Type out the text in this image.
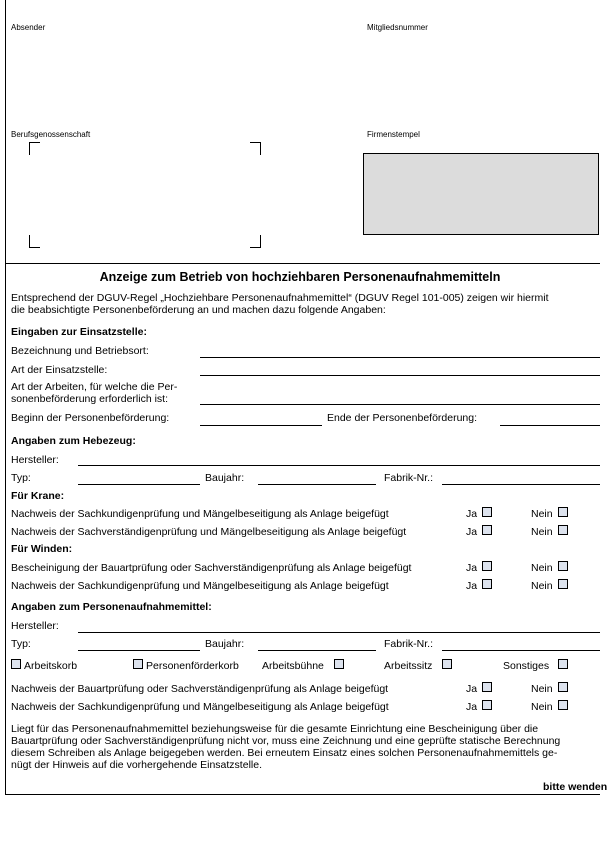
Absender	Mitgliedsnummer
Berufsgenossenschaft	Firmenstempel
Anzeige zum Betrieb von hochziehbaren Personenaufnahmemitteln
Entsprechend der DGUV-Regel „Hochziehbare Personenaufnahmemittel“ (DGUV Regel 101-005) zeigen wir hiermit
die beabsichtigte Personenbeförderung an und machen dazu folgende Angaben:
Eingaben zur Einsatzstelle:
Bezeichnung und Betriebsort:
Art der Einsatzstelle:
Art der Arbeiten, für welche die Per-
sonenbeförderung erforderlich ist:
Beginn der Personenbeförderung:	Ende der Personenbeförderung:
Angaben zum Hebezeug:
Hersteller:
Typ:	Baujahr:	Fabrik-Nr.:
Für Krane:
Nachweis der Sachkundigenprüfung und Mängelbeseitigung als Anlage beigefügt	Ja	Nein
Nachweis der Sachverständigenprüfung und Mängelbeseitigung als Anlage beigefügt	Ja	Nein
Für Winden:
Bescheinigung der Bauartprüfung oder Sachverständigenprüfung als Anlage beigefügt	Ja	Nein
Nachweis der Sachkundigenprüfung und Mängelbeseitigung als Anlage beigefügt	Ja	Nein
Angaben zum Personenaufnahmemittel:
Hersteller:
Typ:	Baujahr:	Fabrik-Nr.:
Arbeitskorb	Personenförderkorb Arbeitsbühne	Arbeitssitz	Sonstiges
Nachweis der Bauartprüfung oder Sachverständigenprüfung als Anlage beigefügt	Ja	Nein
Nachweis der Sachkundigenprüfung und Mängelbeseitigung als Anlage beigefügt	Ja	Nein
Liegt für das Personenaufnahmemittel beziehungsweise für die gesamte Einrichtung eine Bescheinigung über die
Bauartprüfung oder Sachverständigenprüfung nicht vor, muss eine Zeichnung und eine geprüfte statische Berechnung
diesem Schreiben als Anlage beigegeben werden. Bei erneutem Einsatz eines solchen Personenaufnahmemittels ge-
nügt der Hinweis auf die vorhergehende Einsatzstelle.
bitte wenden
